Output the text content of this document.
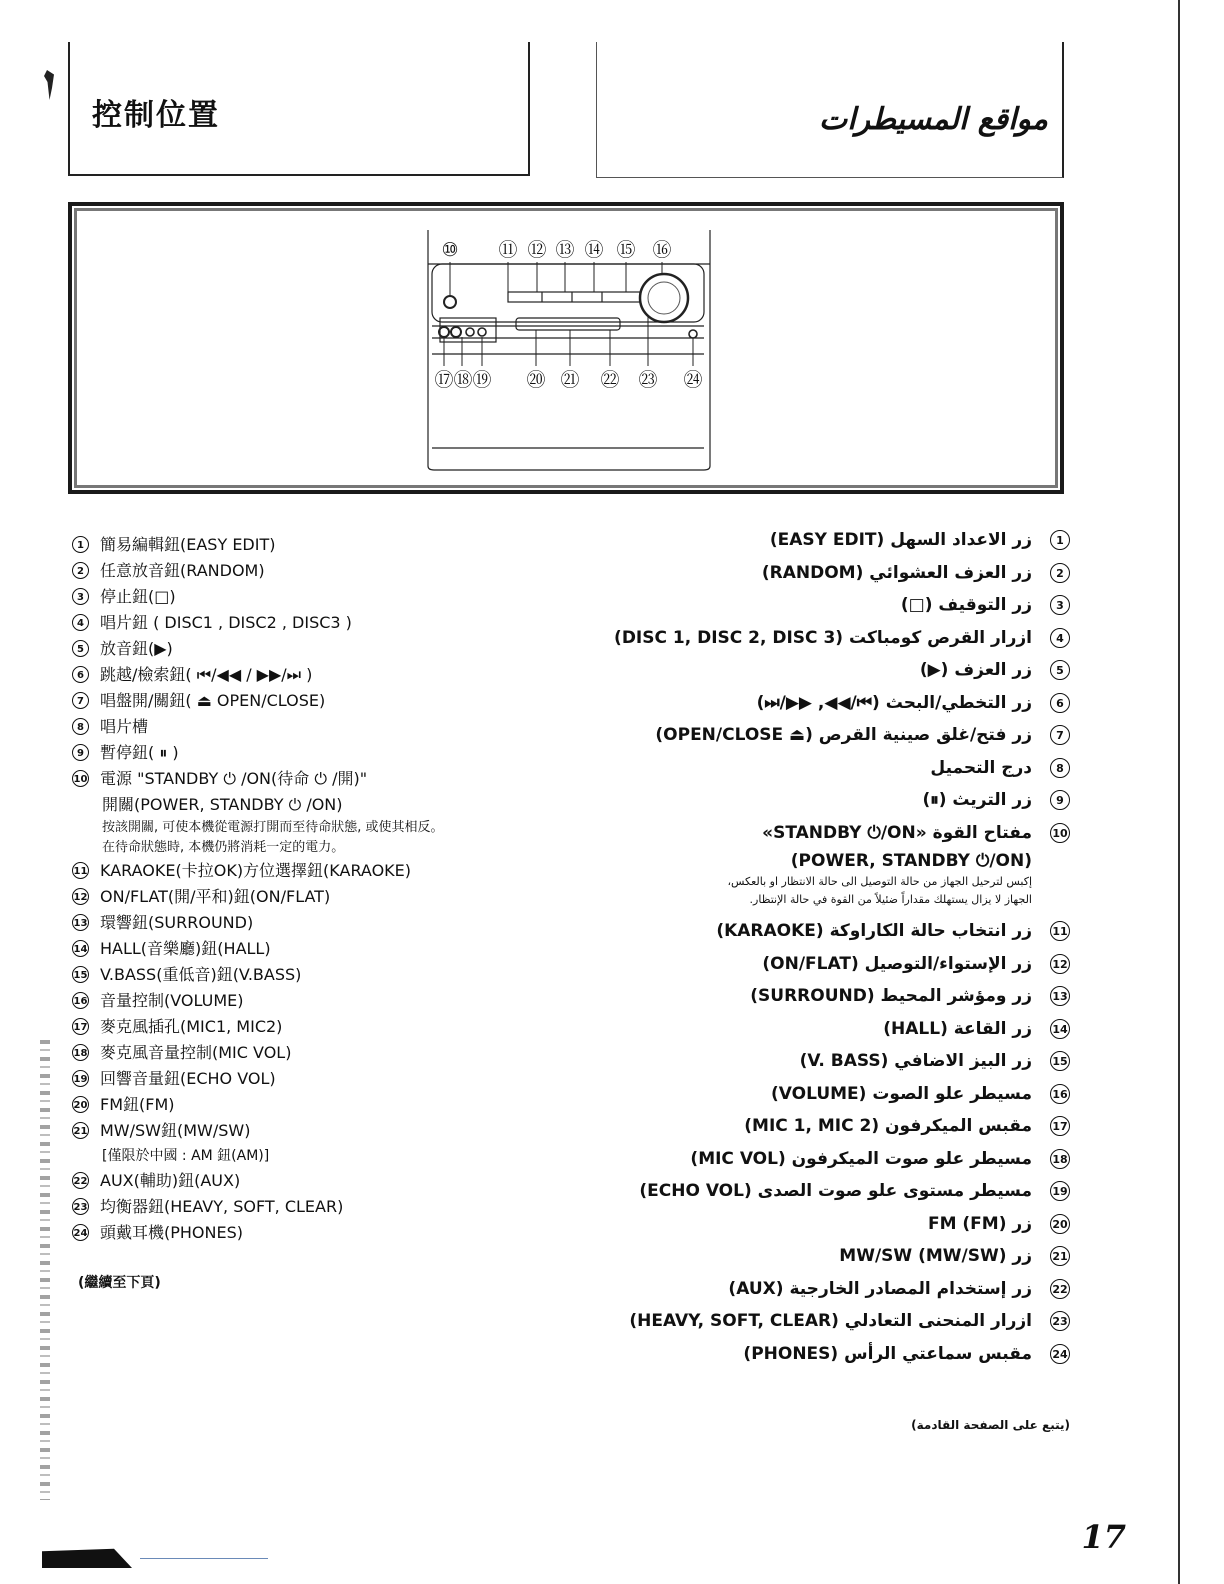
控制位置	مواقع المسيطرات
⑩ ⑪ ⑫ ⑬ ⑭ ⑮ ⑯
⑰ ⑱ ⑲ ⑳ ㉑ ㉒ ㉓ ㉔
1	簡易編輯鈕(EASY EDIT)
2	任意放音鈕(RANDOM)
3	停止鈕(□)
4	唱片鈕 ( DISC1 , DISC2 , DISC3 )
5	放音鈕(▶)
6	跳越/檢索鈕( ⏮/◀◀ / ▶▶/⏭ )
7	唱盤開/關鈕( ⏏ OPEN/CLOSE)
8	唱片槽
9	暫停鈕( ⏸ )
10 電源 "STANDBY ⏻ /ON(待命 ⏻ /開)"
開關(POWER, STANDBY ⏻ /ON)
按該開關, 可使本機從電源打開而至待命狀態, 或使其相反。
在待命狀態時, 本機仍將消耗一定的電力。
11 KARAOKE(卡拉OK)方位選擇鈕(KARAOKE)
12 ON/FLAT(開/平和)鈕(ON/FLAT)
13 環響鈕(SURROUND)
14 HALL(音樂廳)鈕(HALL)
15 V.BASS(重低音)鈕(V.BASS)
16 音量控制(VOLUME)
17 麥克風插孔(MIC1, MIC2)
18 麥克風音量控制(MIC VOL)
19 回響音量鈕(ECHO VOL)
20 FM鈕(FM)
21 MW/SW鈕(MW/SW)
[僅限於中國 : AM 鈕(AM)]
22 AUX(輔助)鈕(AUX)
23 均衡器鈕(HEAVY, SOFT, CLEAR)
24 頭戴耳機(PHONES)
(繼續至下頁)
1
زر الاعداد السهل (EASY EDIT)
2
زر العزف العشوائي (RANDOM)
3
زر التوقيف (□)
4
ازرار القرص كومباكت (DISC 1, DISC 2, DISC 3)
5
زر العزف (▶)
6
زر التخطي/البحث (⏮/◀◀, ▶▶/⏭)
7
زر فتح/غلق صينية القرص (⏏ OPEN/CLOSE)
8
درج التحميل
9
زر التريث (⏸)
10
مفتاح القوة «STANDBY ⏻/ON»
(POWER, STANDBY ⏻/ON)
إكبس لترحيل الجهاز من حالة التوصيل الى حالة الانتظار او بالعكس،
الجهاز لا يزال يستهلك مقداراً ضئيلاً من القوة في حالة الإنتظار.
11
زر انتخاب حالة الكاراوكة (KARAOKE)
12
زر الإستواء/التوصيل (ON/FLAT)
13
زر ومؤشر المحيط (SURROUND)
14
زر القاعة (HALL)
15
زر البيز الاضافي (V. BASS)
16
مسيطر علو الصوت (VOLUME)
17
مقبس الميكرفون (MIC 1, MIC 2)
18
مسيطر علو صوت الميكرفون (MIC VOL)
19
مسيطر مستوى علو صوت الصدى (ECHO VOL)
20
زر FM (FM)
21
زر MW/SW (MW/SW)
22
زر إستخدام المصادر الخارجية (AUX)
23
ازرار المنحنى التعادلي (HEAVY, SOFT, CLEAR)
24
مقبس سماعتي الرأس (PHONES)
(يتبع على الصفحة القادمة)
17
